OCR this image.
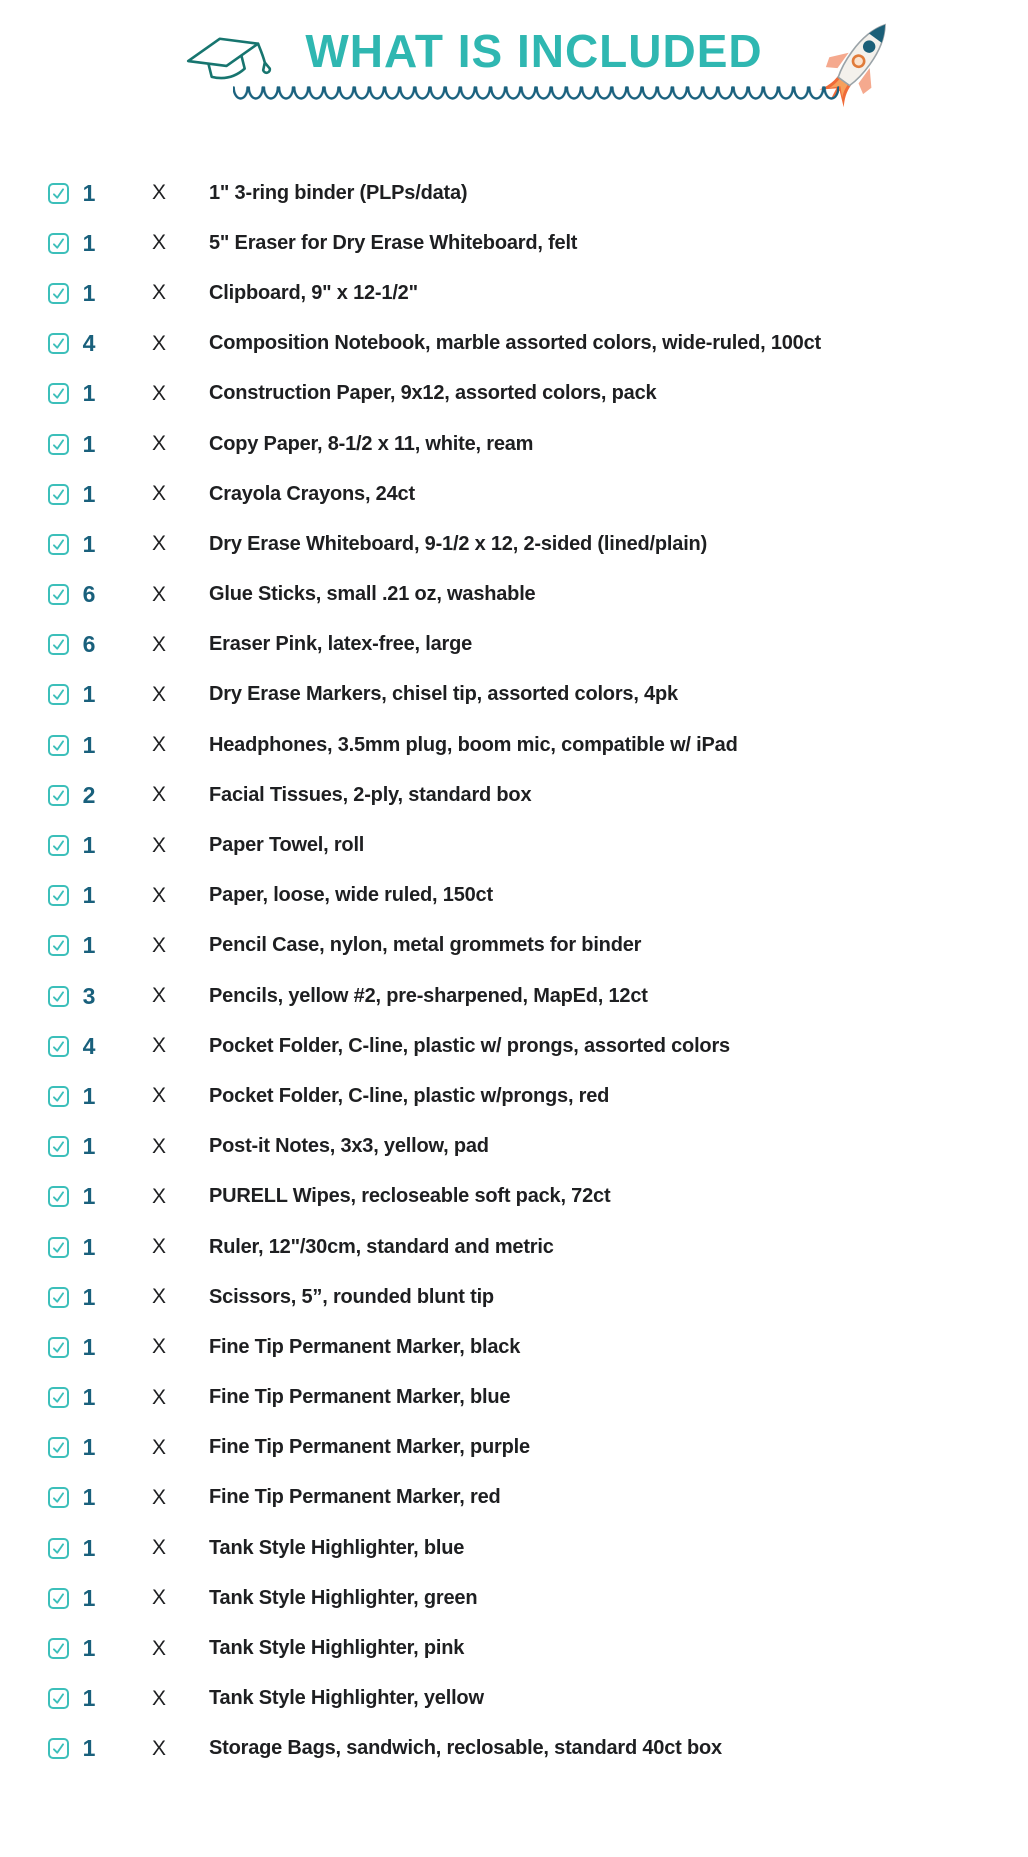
WHAT IS INCLUDED
1	X 1" 3-ring binder (PLPs/data)
1	X 5" Eraser for Dry Erase Whiteboard, felt
1	X Clipboard, 9" x 12-1/2"
4	X Composition Notebook, marble assorted colors, wide-ruled, 100ct
1	X Construction Paper, 9x12, assorted colors, pack
1	X Copy Paper, 8-1/2 x 11, white, ream
1	X Crayola Crayons, 24ct
1	X Dry Erase Whiteboard, 9-1/2 x 12, 2-sided (lined/plain)
6	X Glue Sticks, small .21 oz, washable
6	X Eraser Pink, latex-free, large
1	X Dry Erase Markers, chisel tip, assorted colors, 4pk
1	X Headphones, 3.5mm plug, boom mic, compatible w/ iPad
2	X Facial Tissues, 2-ply, standard box
1	X Paper Towel, roll
1	X Paper, loose, wide ruled, 150ct
1	X Pencil Case, nylon, metal grommets for binder
3	X Pencils, yellow #2, pre-sharpened, MapEd, 12ct
4	X Pocket Folder, C-line, plastic w/ prongs, assorted colors
1	X Pocket Folder, C-line, plastic w/prongs, red
1	X Post-it Notes, 3x3, yellow, pad
1	X PURELL Wipes, recloseable soft pack, 72ct
1	X Ruler, 12"/30cm, standard and metric
1	X Scissors, 5”, rounded blunt tip
1	X Fine Tip Permanent Marker, black
1	X Fine Tip Permanent Marker, blue
1	X Fine Tip Permanent Marker, purple
1	X Fine Tip Permanent Marker, red
1	X Tank Style Highlighter, blue
1	X Tank Style Highlighter, green
1	X Tank Style Highlighter, pink
1	X Tank Style Highlighter, yellow
1	X Storage Bags, sandwich, reclosable, standard 40ct box
